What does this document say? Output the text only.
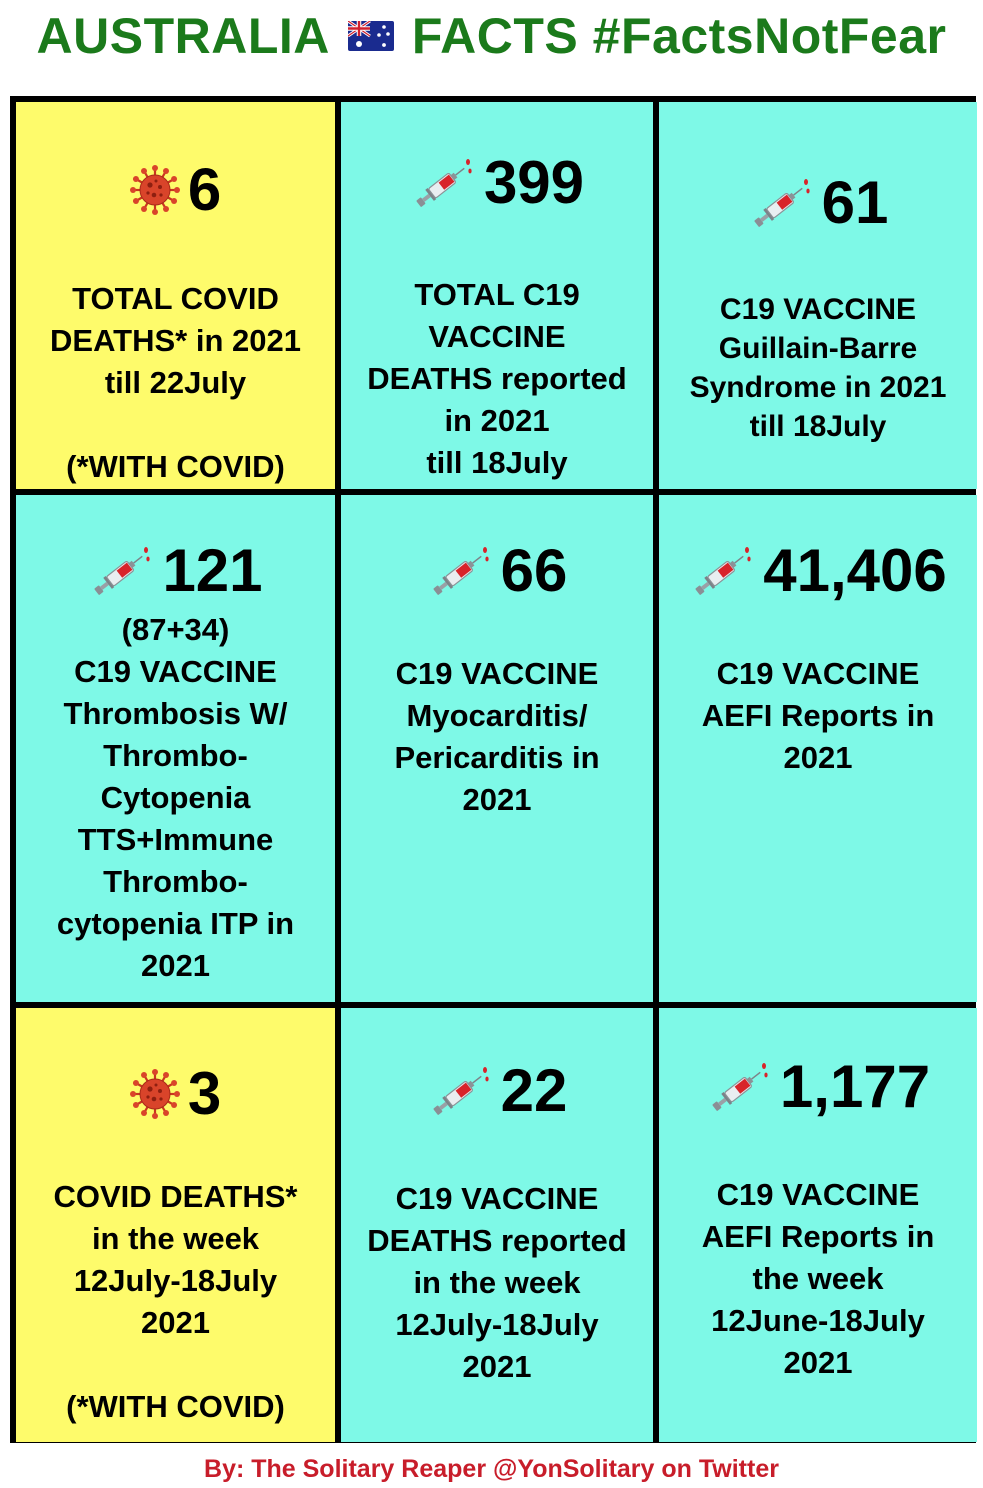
AUSTRALIA FACTS #FactsNotFear
6
TOTAL COVID
DEATHS* in 2021
till 22July

(*WITH COVID)
399
TOTAL C19
VACCINE
DEATHS reported
in 2021
till 18July
61
C19 VACCINE
Guillain-Barre
Syndrome in 2021
till 18July
121
(87+34)
C19 VACCINE
Thrombosis W/
Thrombo-
Cytopenia
TTS+Immune
Thrombo-
cytopenia ITP in
2021
66
C19 VACCINE
Myocarditis/
Pericarditis in
2021
41,406
C19 VACCINE
AEFI Reports in
2021
3
COVID DEATHS*
in the week
12July-18July
2021

(*WITH COVID)
22
C19 VACCINE
DEATHS reported
in the week
12July-18July
2021
1,177
C19 VACCINE
AEFI Reports in
the week
12June-18July
2021
By: The Solitary Reaper @YonSolitary on Twitter
